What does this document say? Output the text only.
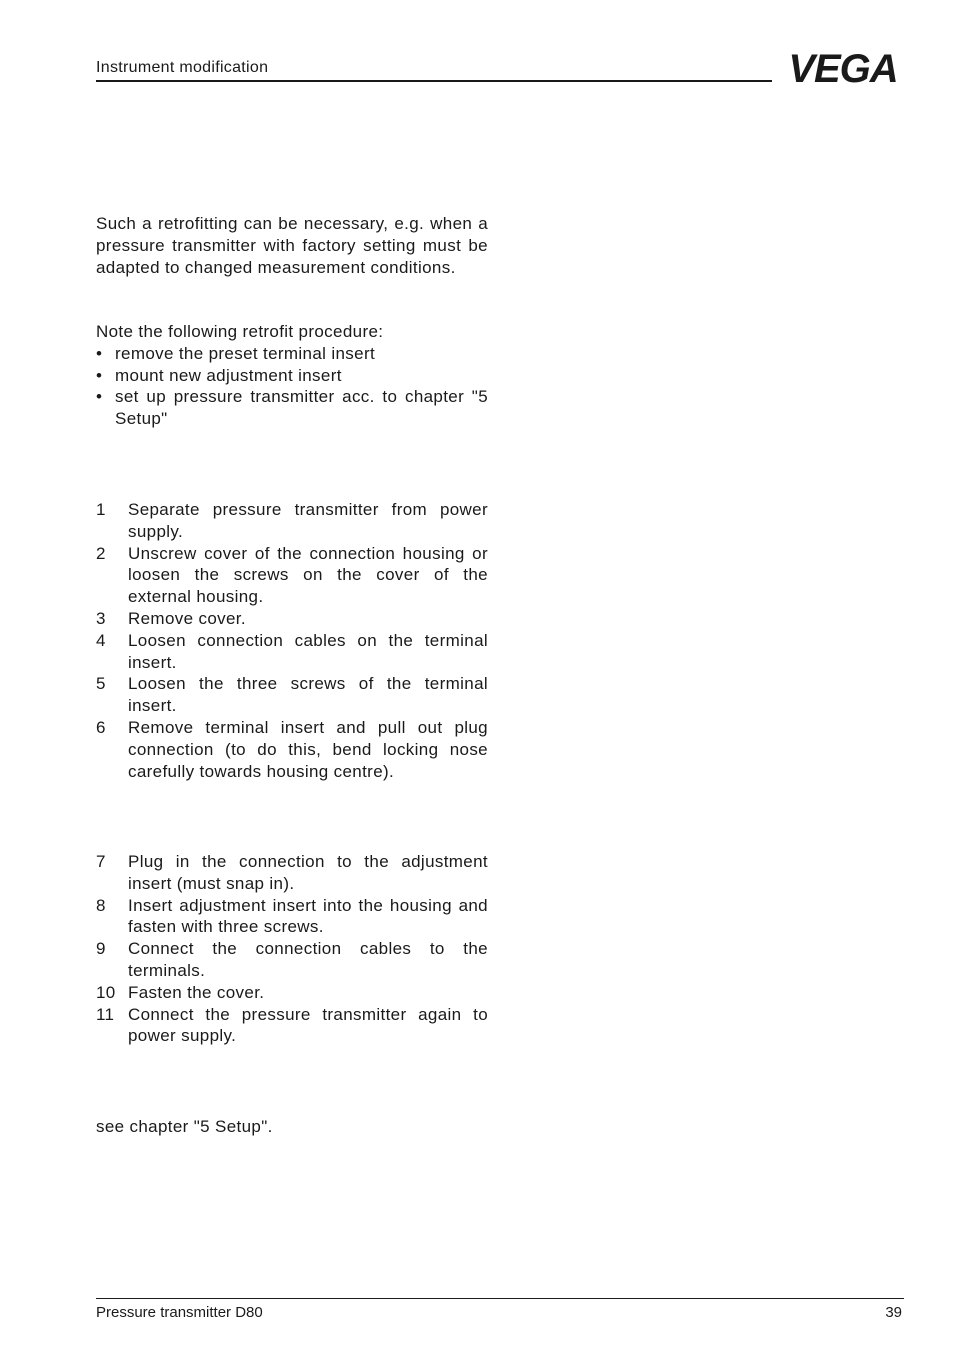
Instrument modification	VEGA

Such a retrofitting can be necessary, e.g. when a pressure transmitter with factory setting must be adapted to changed measurement conditions.

Note the following retrofit procedure:

• remove the preset terminal insert
• mount new adjustment insert
• set up pressure transmitter acc. to chapter "5 Setup"
1	Separate pressure transmitter from power supply.
2	Unscrew cover of the connection housing or loosen the screws on the cover of the external housing.
3	Remove cover.
4	Loosen connection cables on the terminal insert.
5	Loosen the three screws of the terminal insert.
6	Remove terminal insert and pull out plug connection (to do this, bend locking nose carefully towards housing centre).
7	Plug in the connection to the adjustment insert (must snap in).
8	Insert adjustment insert into the housing and fasten with three screws.
9	Connect the connection cables to the terminals.
10 Fasten the cover.
11 Connect the pressure transmitter again to power supply.

see chapter "5 Setup".

Pressure transmitter D80	39
